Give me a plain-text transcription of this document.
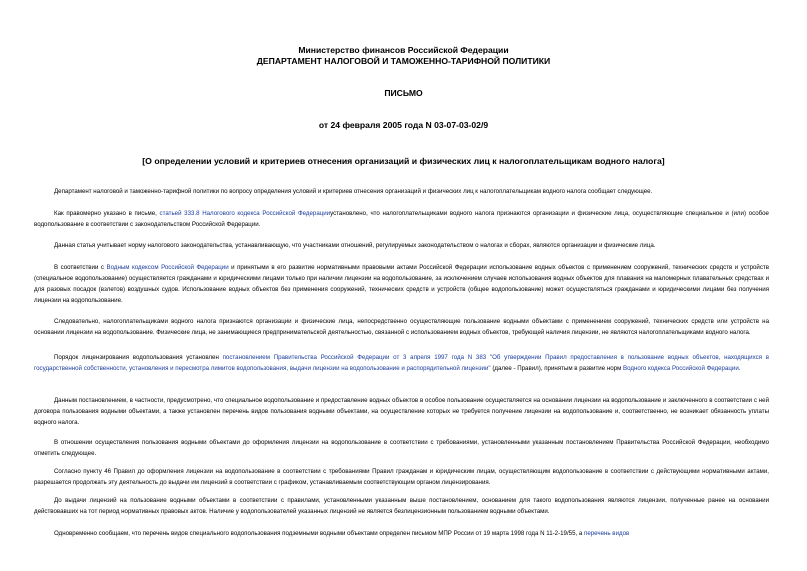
Министерство финансов Российской Федерации
ДЕПАРТАМЕНТ НАЛОГОВОЙ И ТАМОЖЕННО-ТАРИФНОЙ ПОЛИТИКИ
ПИСЬМО
от 24 февраля 2005 года N 03-07-03-02/9
[О определении условий и критериев отнесения организаций и физических лиц к налогоплательщикам водного налога]

Департамент налоговой и таможенно-тарифной политики по вопросу определения условий и критериев отнесения организаций и физических лиц к налогоплательщикам водного налога сообщает следующее.

Как правомерно указано в письме, статьей 333.8 Налогового кодекса Российской Федерацииустановлено, что налогоплательщиками водного налога признаются организации и физические лица, осуществляющие специальное и (или) особое водопользование в соответствии с законодательством Российской Федерации.

Данная статья учитывает норму налогового законодательства, устанавливающую, что участниками отношений, регулируемых законодательством о налогах и сборах, являются организации и физические лица.

В соответствии с Водным кодексом Российской Федерации и принятыми в его развитие нормативными правовыми актами Российской Федерации использование водных объектов с применением сооружений, технических средств и устройств (специальное водопользование) осуществляется гражданами и юридическими лицами только при наличии лицензии на водопользование, за исключением случаев использования водных объектов для плавания на маломерных плавательных средствах и для разовых посадок (взлетов) воздушных судов. Использование водных объектов без применения сооружений, технических средств и устройств (общее водопользование) может осуществляться гражданами и юридическими лицами без получения лицензии на водопользование.

Следовательно, налогоплательщиками водного налога признаются организации и физические лица, непосредственно осуществляющие пользование водными объектами с применением сооружений, технических средств или устройств на основании лицензии на водопользование. Физические лица, не занимающиеся предпринимательской деятельностью, связанной с использованием водных объектов, требующей наличия лицензии, не являются налогоплательщиками водного налога.

Порядок лицензирования водопользования установлен постановлением Правительства Российской Федерации от 3 апреля 1997 года N 383 "Об утверждении Правил предоставления в пользование водных объектов, находящихся в государственной собственности, установления и пересмотра лимитов водопользования, выдачи лицензии на водопользование и распорядительной лицензии" (далее - Правил), принятым в развитие норм Водного кодекса Российской Федерации.

Данным постановлением, в частности, предусмотрено, что специальное водопользование и предоставление водных объектов в особое пользование осуществляется на основании лицензии на водопользование и заключенного в соответствии с ней договора пользования водными объектами, а также установлен перечень видов пользования водными объектами, на осуществление которых не требуется получение лицензии на водопользование и, соответственно, не возникает обязанность уплаты водного налога.

В отношении осуществления пользования водными объектами до оформления лицензии на водопользование в соответствии с требованиями, установленными указанным постановлением Правительства Российской Федерации, необходимо отметить следующее.

Согласно пункту 46 Правил до оформления лицензии на водопользование в соответствии с требованиями Правил гражданам и юридическим лицам, осуществляющим водопользование в соответствии с действующими нормативными актами, разрешается продолжать эту деятельность до выдачи им лицензий в соответствии с графиком, устанавливаемым соответствующим органом лицензирования.

До выдачи лицензий на пользование водными объектами в соответствии с правилами, установленными указанным выше постановлением, основанием для такого водопользования являются лицензии, полученные ранее на основании действовавших на тот период нормативных правовых актов. Наличие у водопользователей указанных лицензий не является безлицензионным пользованием водными объектами.

Одновременно сообщаем, что перечень видов специального водопользования подземными водными объектами определен письмом МПР России от 19 марта 1998 года N 11-2-19/55, а перечень видов
